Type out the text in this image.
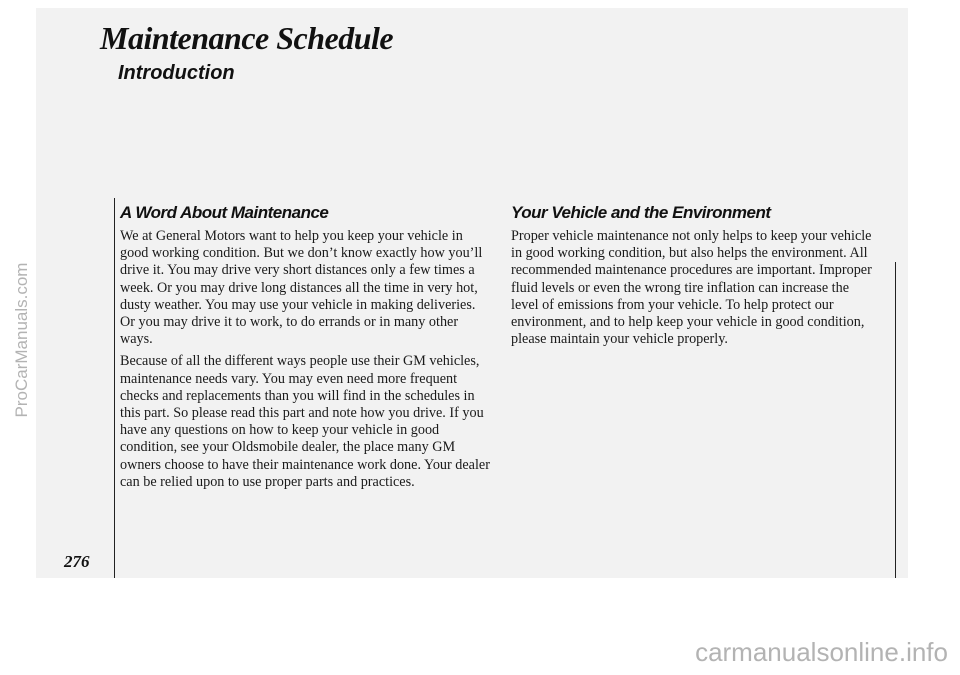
Maintenance Schedule
Introduction
A Word About Maintenance

We at General Motors want to help you keep your vehicle in good working condition. But we don’t know exactly how you’ll drive it. You may drive very short distances only a few times a week. Or you may drive long distances all the time in very hot, dusty weather. You may use your vehicle in making deliveries. Or you may drive it to work, to do errands or in many other ways.

Because of all the different ways people use their GM vehicles, maintenance needs vary. You may even need more frequent checks and replacements than you will find in the schedules in this part. So please read this part and note how you drive. If you have any questions on how to keep your vehicle in good condition, see your Oldsmobile dealer, the place many GM owners choose to have their maintenance work done. Your dealer can be relied upon to use proper parts and practices.

Your Vehicle and the Environment

Proper vehicle maintenance not only helps to keep your vehicle in good working condition, but also helps the environment. All recommended maintenance procedures are important. Improper fluid levels or even the wrong tire inflation can increase the level of emissions from your vehicle. To help protect our environment, and to help keep your vehicle in good condition, please maintain your vehicle properly.

276
ProCarManuals.com
carmanualsonline.info
